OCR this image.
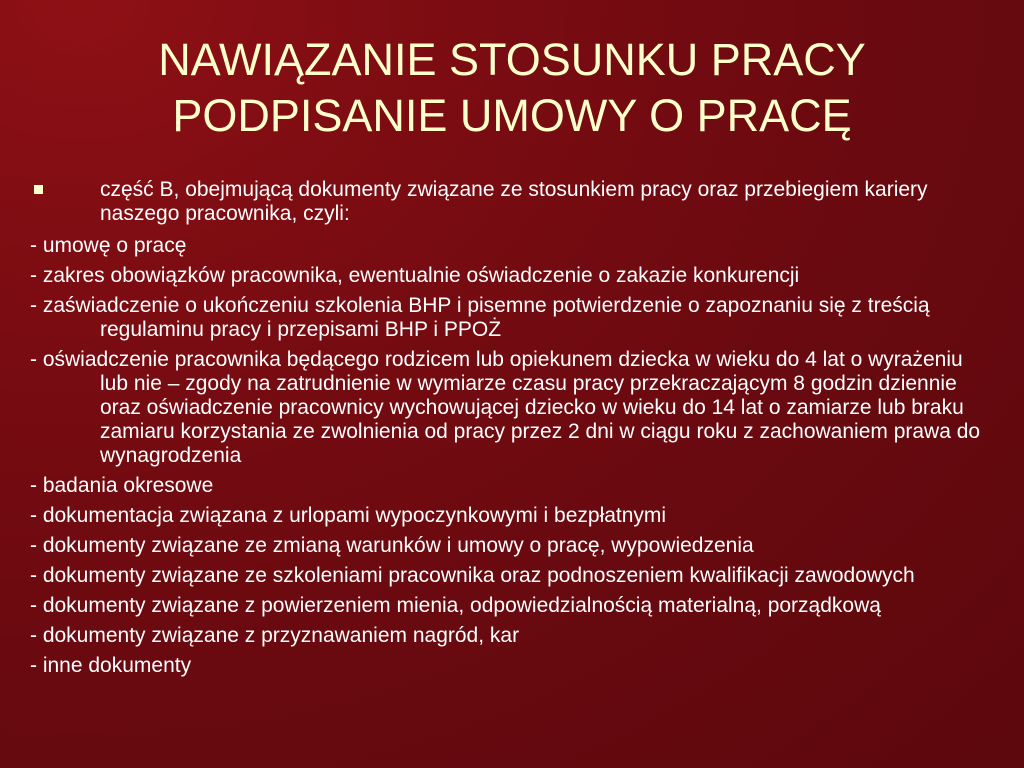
NAWIĄZANIE STOSUNKU PRACY
PODPISANIE UMOWY O PRACĘ
część B, obejmującą dokumenty związane ze stosunkiem pracy oraz przebiegiem kariery naszego pracownika, czyli:
- umowę o pracę
- zakres obowiązków pracownika, ewentualnie oświadczenie o zakazie konkurencji
- zaświadczenie o ukończeniu szkolenia BHP i pisemne potwierdzenie o zapoznaniu się z treścią regulaminu pracy i przepisami BHP i PPOŻ
- oświadczenie pracownika będącego rodzicem lub opiekunem dziecka w wieku do 4 lat o wyrażeniu lub nie – zgody na zatrudnienie w wymiarze czasu pracy przekraczającym 8 godzin dziennie oraz oświadczenie pracownicy wychowującej dziecko w wieku do 14 lat o zamiarze lub braku zamiaru korzystania ze zwolnienia od pracy przez 2 dni w ciągu roku z zachowaniem prawa do wynagrodzenia
- badania okresowe
- dokumentacja związana z urlopami wypoczynkowymi i bezpłatnymi
- dokumenty związane ze zmianą warunków i umowy o pracę, wypowiedzenia
- dokumenty związane ze szkoleniami pracownika oraz podnoszeniem kwalifikacji zawodowych
- dokumenty związane z powierzeniem mienia, odpowiedzialnością materialną, porządkową
- dokumenty związane z przyznawaniem nagród, kar
- inne dokumenty
